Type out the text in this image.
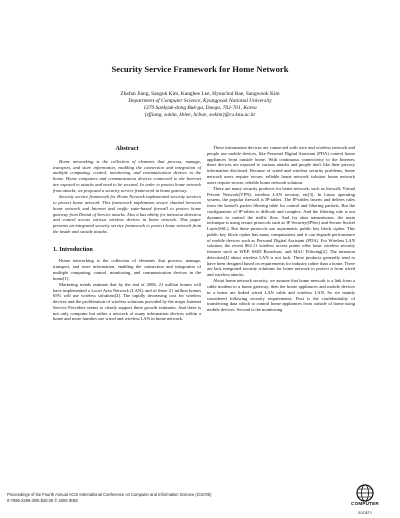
Security Service Framework for Home Network
Zhefan Jiang, Sangok Kim, Kanghee Lee, Hyunchul Bae, Sangwook Kim
Department of Computer Science, Kyungpook National University
1370 Sankyuk-dong Buk-gu, Daegu, 702-701, Korea
{zfjiang, sokim, khlee, hcbae, swkim}@cs.knu.ac.kr
Abstract

Home networking is the collection of elements that process, manage, transport, and store information, enabling the connection and integration of multiple computing, control, monitoring, and communication devices in the home. Home computers and communication devices connected to the Internet are exposed to attacks and need to be secured. In order to protect home network from attacks, we proposed a security service framework in home gateway.

Security service framework for Home Network implemented security services to protect home network. This framework implements secure channel between home network and Internet and traffic state-based firewall to protect home gateway from Denial of Service attacks. Also it has ability for intrusion detection and control access various wireless devices in home network. This paper presents an integrated security service framework to protect home network from the inside and outside attacks.

1. Introduction

Home networking is the collection of elements that process, manage, transport, and store information, enabling the connection and integration of multiple computing, control, monitoring, and communication devices in the home[1].

Marketing trends estimate that by the end of 2006, 21 million homes will have implemented a Local Area Network (LAN), and of these 21 million homes 65% will use wireless solutions[2]. The rapidly decreasing cost for wireless devices and the proliferation of wireless solutions provided by the major Internet Service Providers seems to clearly support these growth estimates. And there is not only computer but rather a network of many information devices within a home and more families use wired and wireless LAN in home network.

These information devices are connected with wire and wireless network and people use mobile devices, like Personal Digital Assistant (PDA) control home appliances from outside home. With continuous connectivity to the Internet, these devices are exposed to various attacks and people don't like their privacy information disclosed. Because of wired and wireless security problems, home network users require secure, reliable home network solution home network users require secure, reliable home network solution.

There are many security products for home network, such as firewall, Virtual Private Network(VPN), wireless LAN security, etc[3]. In Linux operating system, the popular firewall is IP-tables. The IP-tables inserts and deletes rules from the kernel's packet filtering table for control and filtering packets. But the configuration of IP-tables is difficult and complex. And the filtering rule is not dynamic to control the traffic flow. And for data transmission, the main technique is using secure protocols such as IP Security(IPSec) and Secure Socket Layer(SSL). But these protocols use asymmetric public key block cipher. This public key block cipher has many computations and it can degrade performance of mobile devices such as Personal Digital Assistant (PDA). For Wireless LAN solution, the recent 802.11 wireless access points offer basic wireless security features such as WEP, SSID Broadcast, and MAC Filtering[2]. The intrusion detection[4] about wireless LAN is not lack. These products generally tend to have been designed based on requirements for industry rather than a home. There are lack integrated security solutions for home network to protect it from wired and wireless attacks.

About home network security, we assume that home network is a link from a cable modem to a home gateway, then the home appliances and mobile devices in a home are linked wired LAN cable and wireless LAN. So we mainly considered following security requirements. First is the confidentiality of transferring data which to control home appliances from outside of home using mobile devices. Second is the monitoring

Proceedings of the Fourth Annual ACIS International Conference on Computer and Information Science (ICIS'05)
0-7695-2296-3/05 $20.00 © 2005 IEEE
COMPUTER
SOCIETY
